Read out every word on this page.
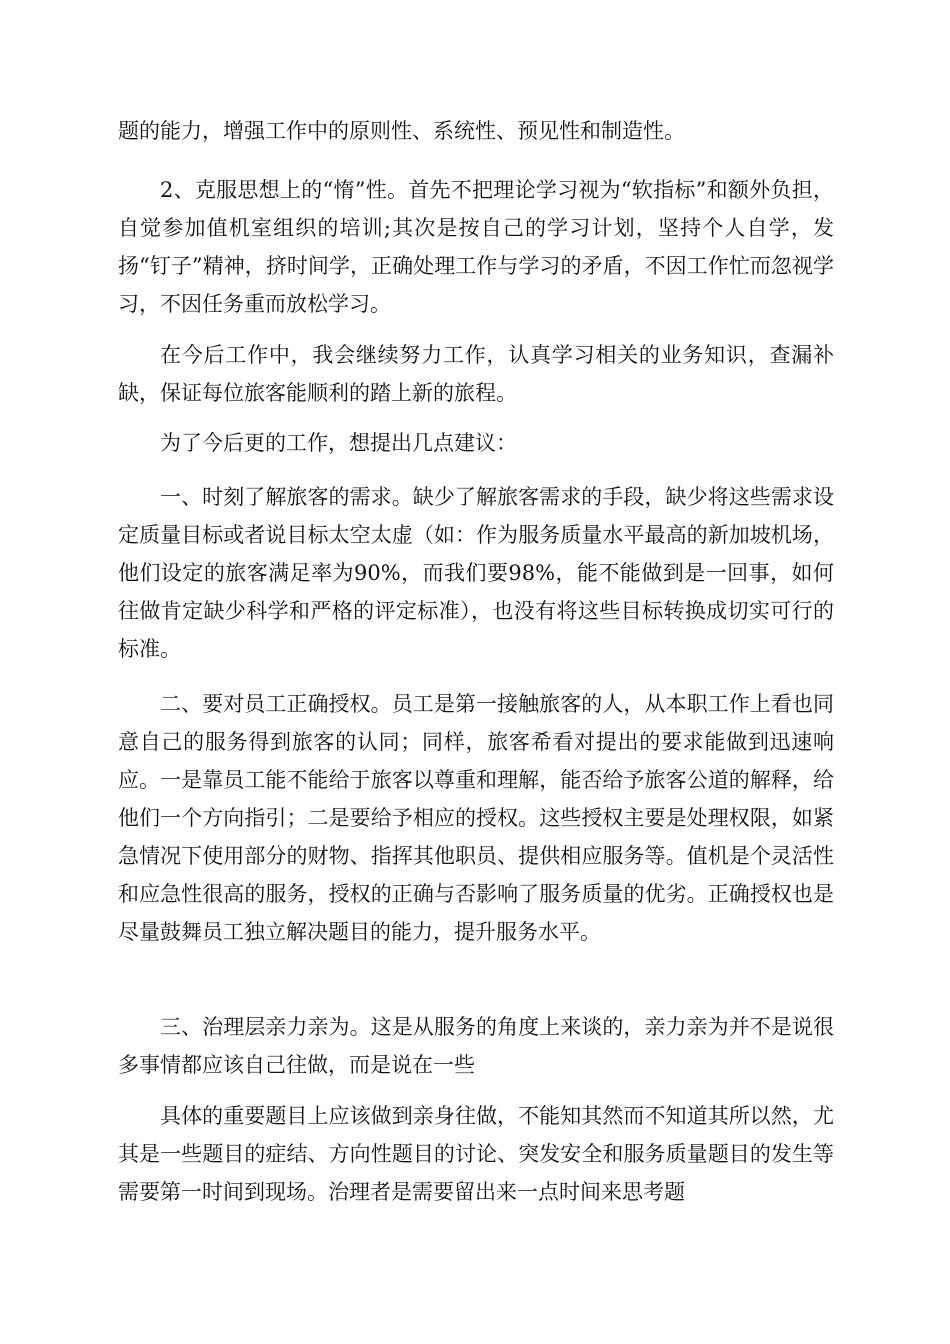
题的能力，增强工作中的原则性、系统性、预见性和制造性。

2、克服思想上的“惰”性。首先不把理论学习视为“软指标”和额外负担，自觉参加值机室组织的培训;其次是按自己的学习计划，坚持个人自学，发扬“钉子”精神，挤时间学，正确处理工作与学习的矛盾，不因工作忙而忽视学习，不因任务重而放松学习。

在今后工作中，我会继续努力工作，认真学习相关的业务知识，查漏补缺，保证每位旅客能顺利的踏上新的旅程。

为了今后更的工作，想提出几点建议：

一、时刻了解旅客的需求。缺少了解旅客需求的手段，缺少将这些需求设定质量目标或者说目标太空太虚（如：作为服务质量水平最高的新加坡机场，他们设定的旅客满足率为90%，而我们要98%，能不能做到是一回事，如何往做肯定缺少科学和严格的评定标准），也没有将这些目标转换成切实可行的标准。

二、要对员工正确授权。员工是第一接触旅客的人，从本职工作上看也同意自己的服务得到旅客的认同；同样，旅客希看对提出的要求能做到迅速响应。一是靠员工能不能给于旅客以尊重和理解，能否给予旅客公道的解释，给他们一个方向指引；二是要给予相应的授权。这些授权主要是处理权限，如紧急情况下使用部分的财物、指挥其他职员、提供相应服务等。值机是个灵活性和应急性很高的服务，授权的正确与否影响了服务质量的优劣。正确授权也是尽量鼓舞员工独立解决题目的能力，提升服务水平。

三、治理层亲力亲为。这是从服务的角度上来谈的，亲力亲为并不是说很多事情都应该自己往做，而是说在一些

具体的重要题目上应该做到亲身往做，不能知其然而不知道其所以然，尤其是一些题目的症结、方向性题目的讨论、突发安全和服务质量题目的发生等需要第一时间到现场。治理者是需要留出来一点时间来思考题
